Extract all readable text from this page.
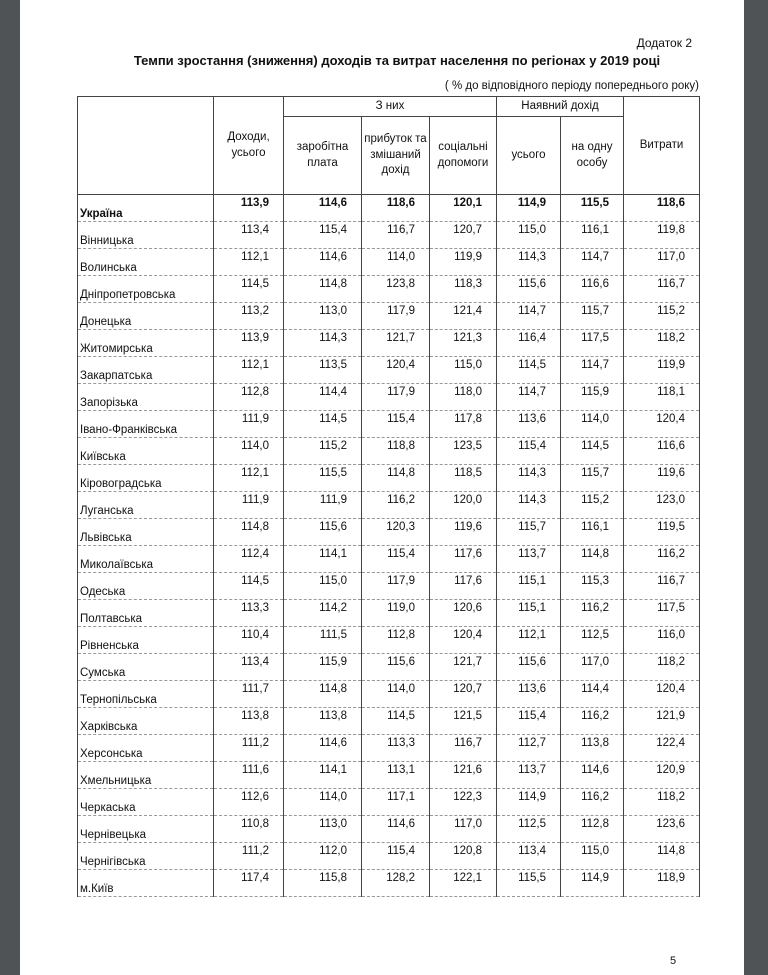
Додаток 2
Темпи зростання (зниження) доходів та витрат населення по регіонах у 2019 році
( % до відповідного періоду попереднього року)
	Доходи, усього	З них			Наявний дохід		Витрати
		заробітна плата	прибуток та змішаний дохід	соціальні допомоги	усього	на одну особу	
Україна	113,9	114,6	118,6	120,1	114,9	115,5	118,6
Вінницька	113,4	115,4	116,7	120,7	115,0	116,1	119,8
Волинська	112,1	114,6	114,0	119,9	114,3	114,7	117,0
Дніпропетровська	114,5	114,8	123,8	118,3	115,6	116,6	116,7
Донецька	113,2	113,0	117,9	121,4	114,7	115,7	115,2
Житомирська	113,9	114,3	121,7	121,3	116,4	117,5	118,2
Закарпатська	112,1	113,5	120,4	115,0	114,5	114,7	119,9
Запорізька	112,8	114,4	117,9	118,0	114,7	115,9	118,1
Івано-Франківська	111,9	114,5	115,4	117,8	113,6	114,0	120,4
Київська	114,0	115,2	118,8	123,5	115,4	114,5	116,6
Кіровоградська	112,1	115,5	114,8	118,5	114,3	115,7	119,6
Луганська	111,9	111,9	116,2	120,0	114,3	115,2	123,0
Львівська	114,8	115,6	120,3	119,6	115,7	116,1	119,5
Миколаївська	112,4	114,1	115,4	117,6	113,7	114,8	116,2
Одеська	114,5	115,0	117,9	117,6	115,1	115,3	116,7
Полтавська	113,3	114,2	119,0	120,6	115,1	116,2	117,5
Рівненська	110,4	111,5	112,8	120,4	112,1	112,5	116,0
Сумська	113,4	115,9	115,6	121,7	115,6	117,0	118,2
Тернопільська	111,7	114,8	114,0	120,7	113,6	114,4	120,4
Харківська	113,8	113,8	114,5	121,5	115,4	116,2	121,9
Херсонська	111,2	114,6	113,3	116,7	112,7	113,8	122,4
Хмельницька	111,6	114,1	113,1	121,6	113,7	114,6	120,9
Черкаська	112,6	114,0	117,1	122,3	114,9	116,2	118,2
Чернівецька	110,8	113,0	114,6	117,0	112,5	112,8	123,6
Чернігівська	111,2	112,0	115,4	120,8	113,4	115,0	114,8
м.Київ	117,4	115,8	128,2	122,1	115,5	114,9	118,9
5
